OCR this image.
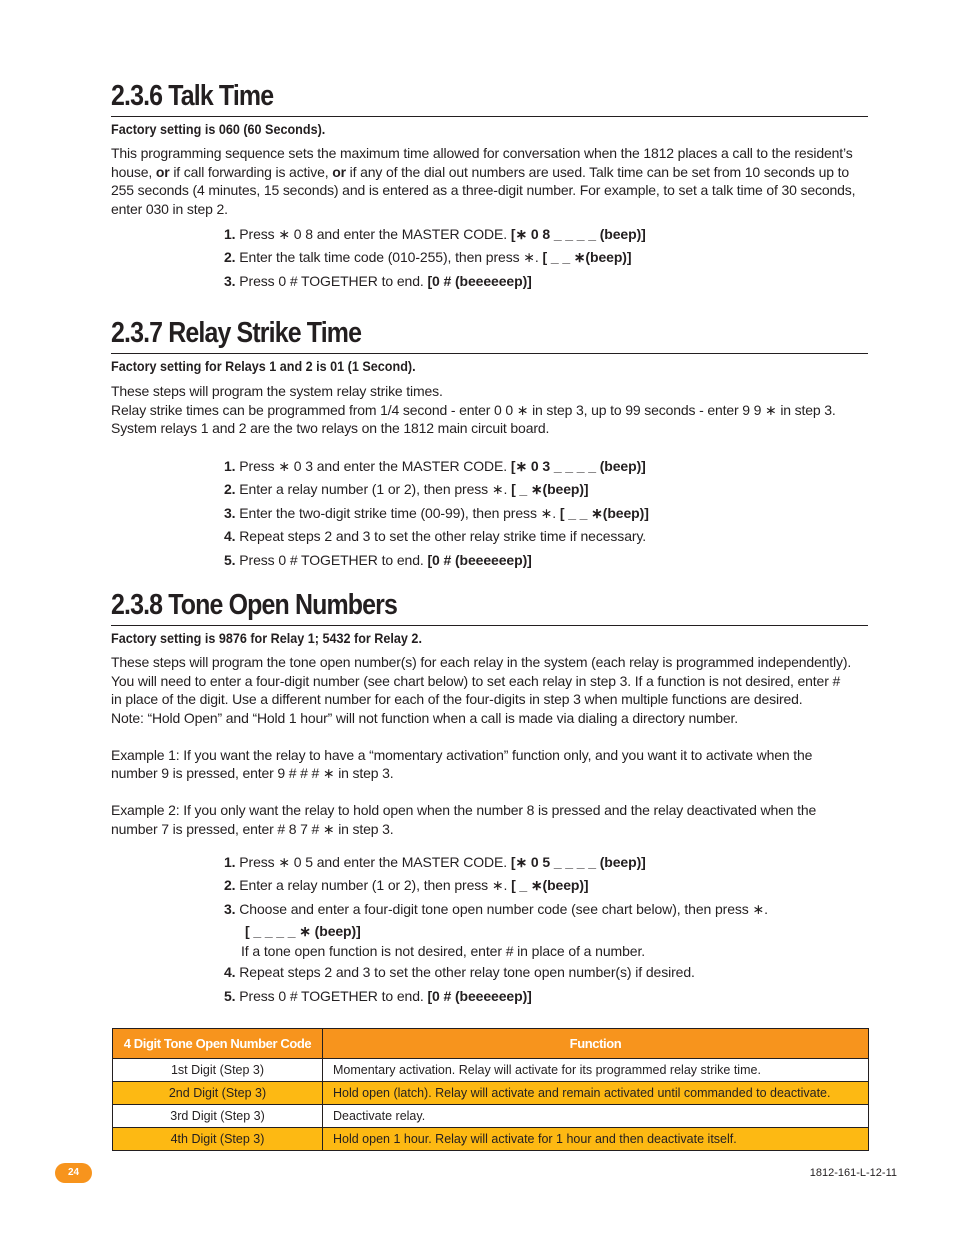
2.3.6 Talk Time

Factory setting is 060 (60 Seconds).

This programming sequence sets the maximum time allowed for conversation when the 1812 places a call to the resident’s
house, or if call forwarding is active, or if any of the dial out numbers are used. Talk time can be set from 10 seconds up to
255 seconds (4 minutes, 15 seconds) and is entered as a three-digit number. For example, to set a talk time of 30 seconds,
enter 030 in step 2.
1. Press ∗ 0 8 and enter the MASTER CODE. [∗ 0 8 _ _ _ _ (beep)]
2. Enter the talk time code (010-255), then press ∗. [ _ _ ∗(beep)]
3. Press 0 # TOGETHER to end. [0 # (beeeeeep)]
2.3.7 Relay Strike Time

Factory setting for Relays 1 and 2 is 01 (1 Second).

These steps will program the system relay strike times.
Relay strike times can be programmed from 1/4 second - enter 0 0 ∗ in step 3, up to 99 seconds - enter 9 9 ∗ in step 3.
System relays 1 and 2 are the two relays on the 1812 main circuit board.
1. Press ∗ 0 3 and enter the MASTER CODE. [∗ 0 3 _ _ _ _ (beep)]
2. Enter a relay number (1 or 2), then press ∗. [ _ ∗(beep)]
3. Enter the two-digit strike time (00-99), then press ∗. [ _ _ ∗(beep)]
4. Repeat steps 2 and 3 to set the other relay strike time if necessary.
5. Press 0 # TOGETHER to end. [0 # (beeeeeep)]
2.3.8 Tone Open Numbers

Factory setting is 9876 for Relay 1; 5432 for Relay 2.

These steps will program the tone open number(s) for each relay in the system (each relay is programmed independently).
You will need to enter a four-digit number (see chart below) to set each relay in step 3. If a function is not desired, enter #
in place of the digit. Use a different number for each of the four-digits in step 3 when multiple functions are desired.
Note: “Hold Open” and “Hold 1 hour” will not function when a call is made via dialing a directory number.
Example 1: If you want the relay to have a “momentary activation” function only, and you want it to activate when the
number 9 is pressed, enter 9 # # # ∗ in step 3.
Example 2: If you only want the relay to hold open when the number 8 is pressed and the relay deactivated when the
number 7 is pressed, enter # 8 7 # ∗ in step 3.
1. Press ∗ 0 5 and enter the MASTER CODE. [∗ 0 5 _ _ _ _ (beep)]
2. Enter a relay number (1 or 2), then press ∗. [ _ ∗(beep)]
3. Choose and enter a four-digit tone open number code (see chart below), then press ∗.
[ _ _ _ _ ∗ (beep)]
If a tone open function is not desired, enter # in place of a number.
4. Repeat steps 2 and 3 to set the other relay tone open number(s) if desired.
5. Press 0 # TOGETHER to end. [0 # (beeeeeep)]
4 Digit Tone Open Number Code	Function
1st Digit (Step 3)	Momentary activation. Relay will activate for its programmed relay strike time.
2nd Digit (Step 3)	Hold open (latch). Relay will activate and remain activated until commanded to deactivate.
3rd Digit (Step 3)	Deactivate relay.
4th Digit (Step 3)	Hold open 1 hour. Relay will activate for 1 hour and then deactivate itself.
24	1812-161-L-12-11
